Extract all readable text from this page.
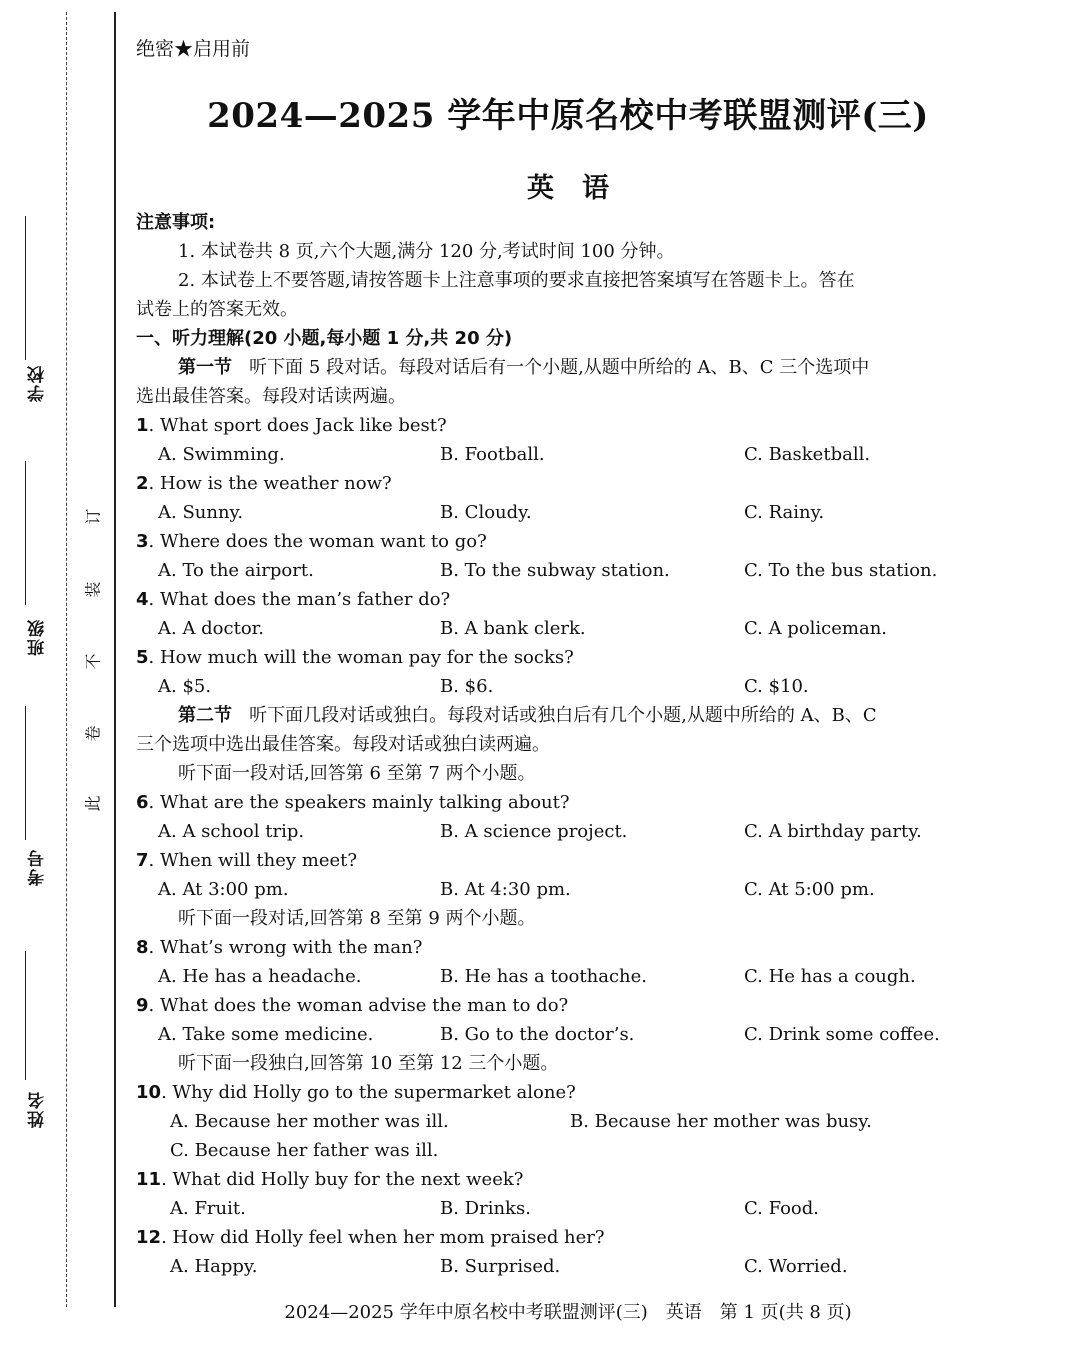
姓名
考号
班级
学校
此
卷
不
装
订
绝密★启用前
2024—2025 学年中原名校中考联盟测评(三)
英语
注意事项:
1. 本试卷共 8 页,六个大题,满分 120 分,考试时间 100 分钟。
2. 本试卷上不要答题,请按答题卡上注意事项的要求直接把答案填写在答题卡上。答在
试卷上的答案无效。
一、听力理解(20 小题,每小题 1 分,共 20 分)
第一节 听下面 5 段对话。每段对话后有一个小题,从题中所给的 A、B、C 三个选项中
选出最佳答案。每段对话读两遍。
1 . What sport does Jack like best?
A. Swimming.	B. Football.	C. Basketball.
2 . How is the weather now?
A. Sunny.	B. Cloudy.	C. Rainy.
3 . Where does the woman want to go?
A. To the airport.	B. To the subway station.	C. To the bus station.
4 . What does the man’s father do?
A. A doctor.	B. A bank clerk.	C. A policeman.
5 . How much will the woman pay for the socks?
A. $5.	B. $6.	C. $10.
第二节 听下面几段对话或独白。每段对话或独白后有几个小题,从题中所给的 A、B、C
三个选项中选出最佳答案。每段对话或独白读两遍。
听下面一段对话,回答第 6 至第 7 两个小题。
6 . What are the speakers mainly talking about?
A. A school trip.	B. A science project.	C. A birthday party.
7 . When will they meet?
A. At 3:00 pm.	B. At 4:30 pm.	C. At 5:00 pm.
听下面一段对话,回答第 8 至第 9 两个小题。
8 . What’s wrong with the man?
A. He has a headache.	B. He has a toothache.	C. He has a cough.
9 . What does the woman advise the man to do?
A. Take some medicine.	B. Go to the doctor’s.	C. Drink some coffee.
听下面一段独白,回答第 10 至第 12 三个小题。
10 . Why did Holly go to the supermarket alone?
A. Because her mother was ill.	B. Because her mother was busy.
C. Because her father was ill.
11 . What did Holly buy for the next week?
A. Fruit.	B. Drinks.	C. Food.
12 . How did Holly feel when her mom praised her?
A. Happy.	B. Surprised.	C. Worried.
2024—2025 学年中原名校中考联盟测评(三)　英语　第 1 页(共 8 页)
